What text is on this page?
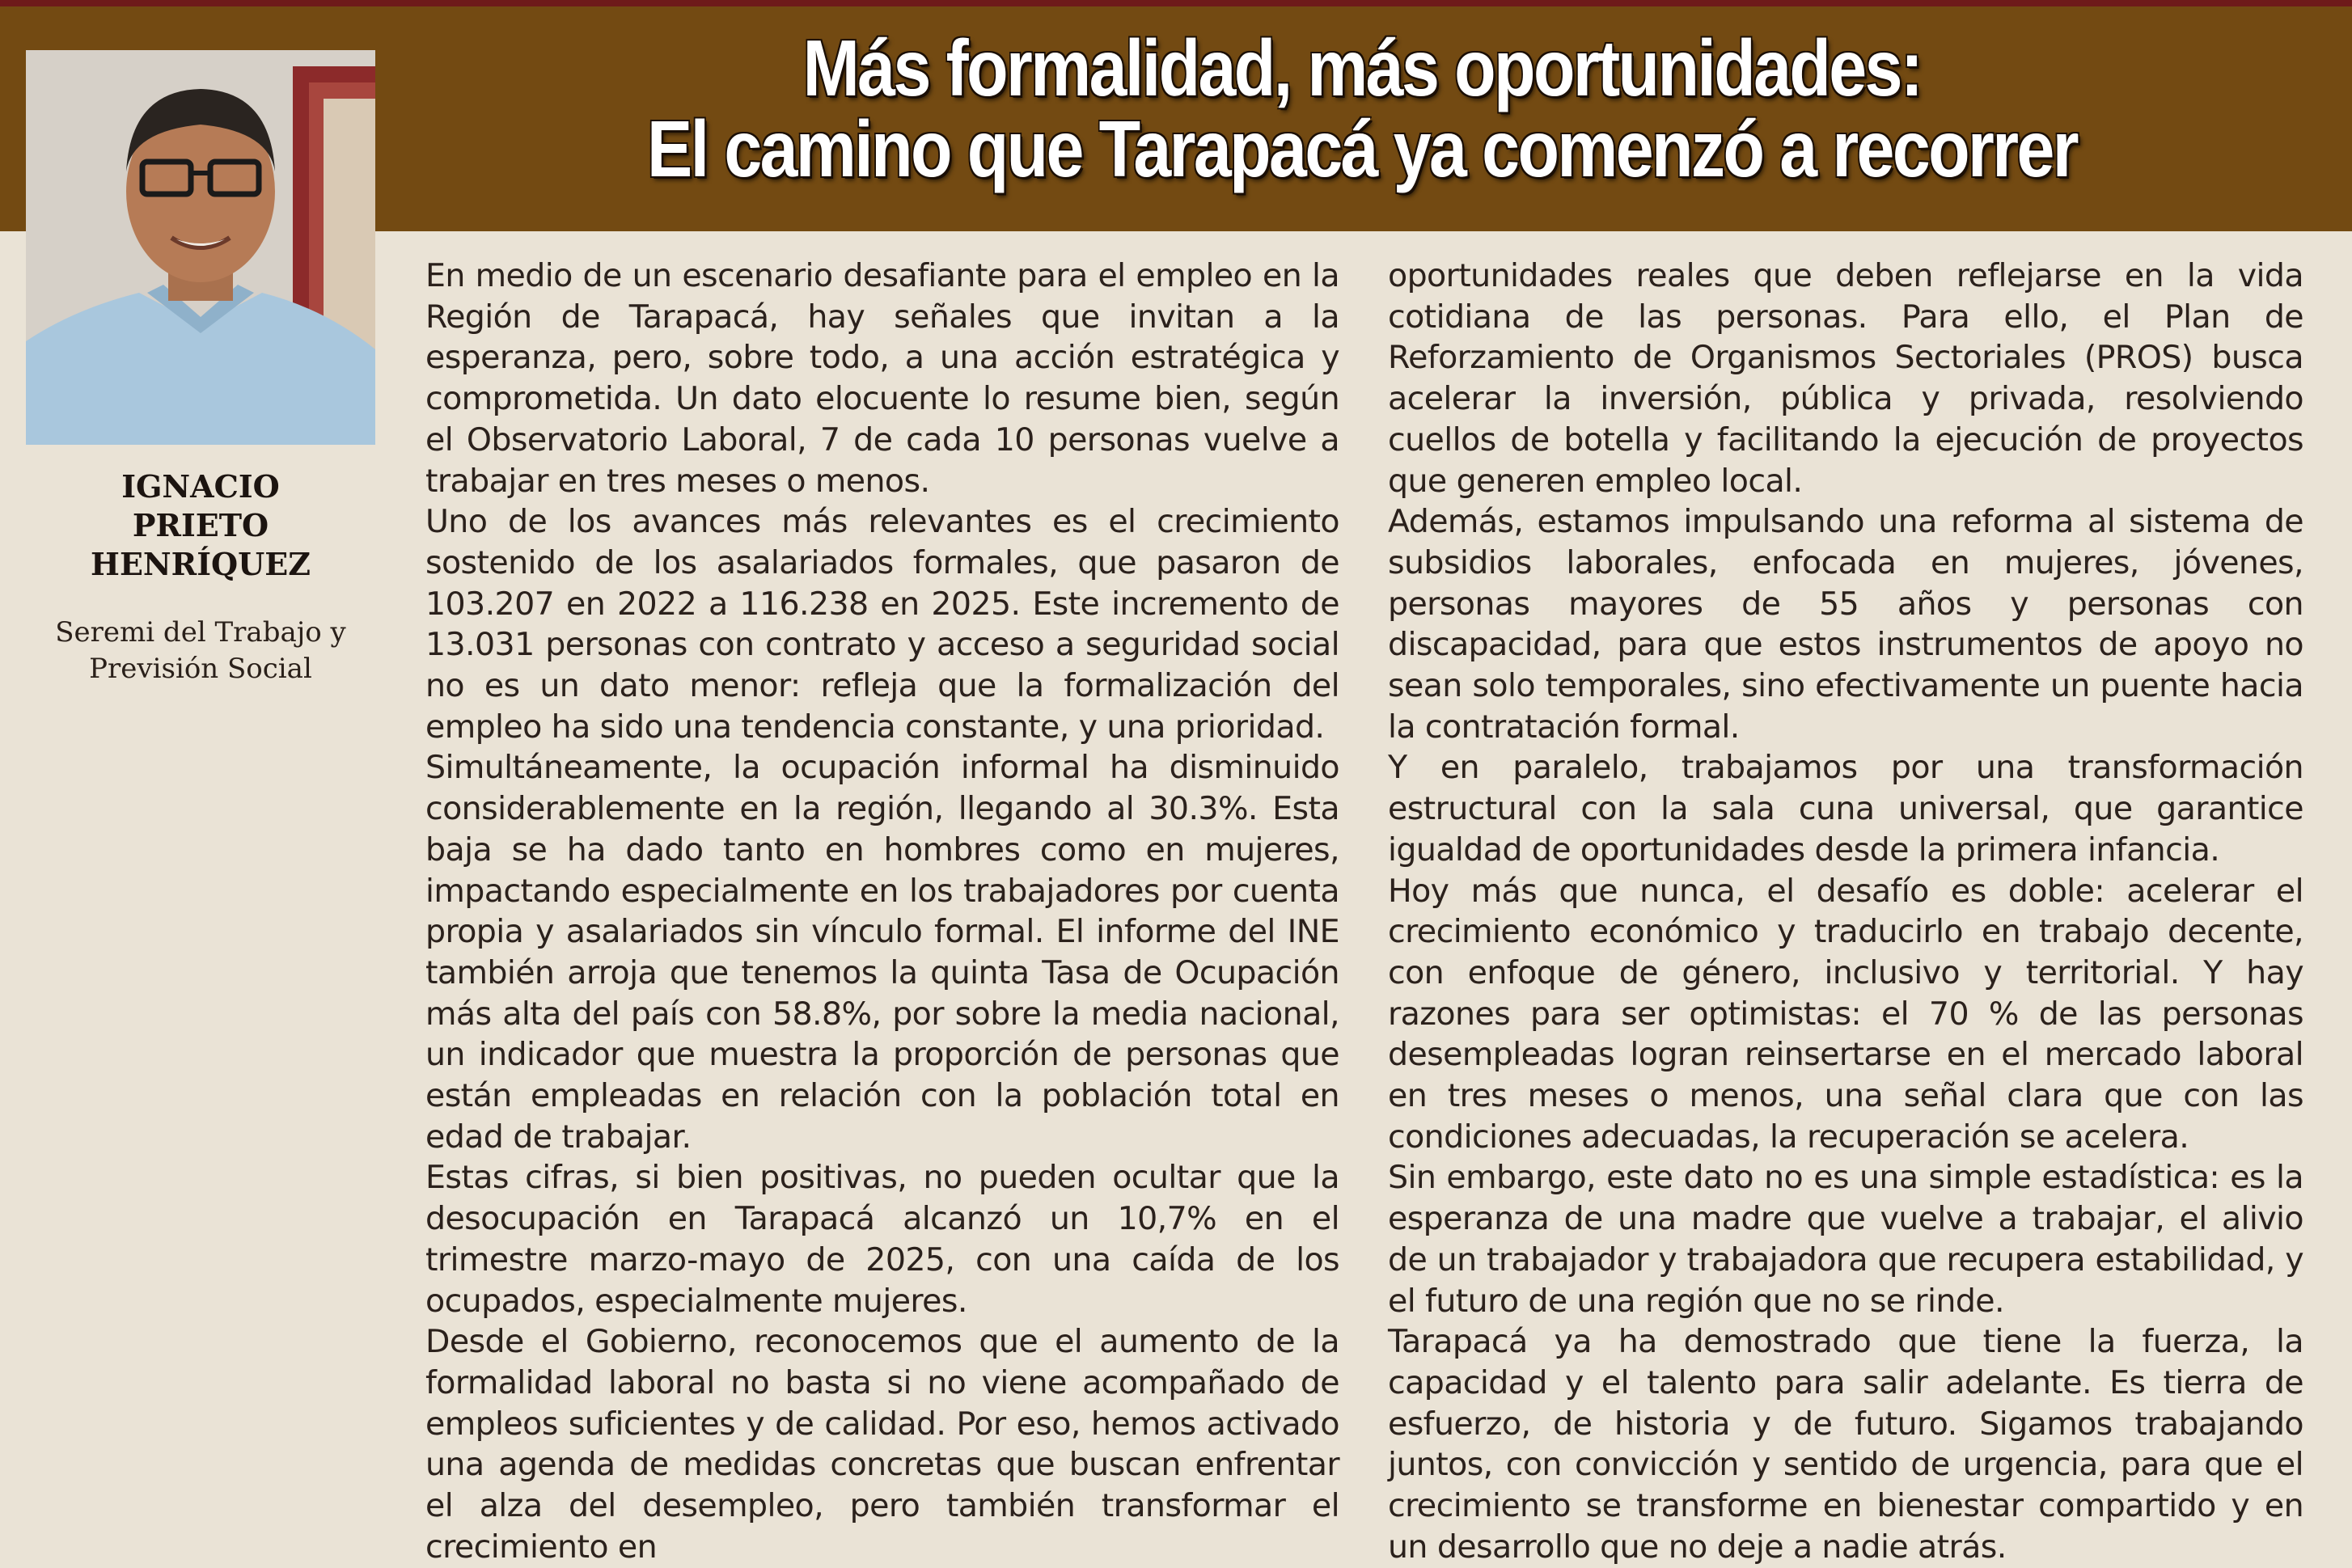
Más formalidad, más oportunidades:
El camino que Tarapacá ya comenzó a recorrer
IGNACIO PRIETO HENRÍQUEZ
Seremi del Trabajo y Previsión Social

En medio de un escenario desafiante para el empleo en la Región de Tarapacá, hay señales que invitan a la esperanza, pero, sobre todo, a una acción estratégica y comprometida. Un dato elocuente lo resume bien, según el Observatorio Laboral, 7 de cada 10 personas vuelve a trabajar en tres meses o menos.

Uno de los avances más relevantes es el crecimiento sostenido de los asalariados formales, que pasaron de 103.207 en 2022 a 116.238 en 2025. Este incremento de 13.031 personas con contrato y acceso a seguridad social no es un dato menor: refleja que la formalización del empleo ha sido una tendencia constante, y una prioridad.

Simultáneamente, la ocupación informal ha disminuido considerablemente en la región, llegando al 30.3%. Esta baja se ha dado tanto en hombres como en mujeres, impactando especialmente en los trabajadores por cuenta propia y asalariados sin vínculo formal. El informe del INE también arroja que tenemos la quinta Tasa de Ocupación más alta del país con 58.8%, por sobre la media nacional, un indicador que muestra la proporción de personas que están empleadas en relación con la población total en edad de trabajar.

Estas cifras, si bien positivas, no pueden ocultar que la desocupación en Tarapacá alcanzó un 10,7% en el trimestre marzo-mayo de 2025, con una caída de los ocupados, especialmente mujeres.

Desde el Gobierno, reconocemos que el aumento de la formalidad laboral no basta si no viene acompañado de empleos suficientes y de calidad. Por eso, hemos activado una agenda de medidas concretas que buscan enfrentar el alza del desempleo, pero también transformar el crecimiento en

oportunidades reales que deben reflejarse en la vida cotidiana de las personas. Para ello, el Plan de Reforzamiento de Organismos Sectoriales (PROS) busca acelerar la inversión, pública y privada, resolviendo cuellos de botella y facilitando la ejecución de proyectos que generen empleo local.

Además, estamos impulsando una reforma al sistema de subsidios laborales, enfocada en mujeres, jóvenes, personas mayores de 55 años y personas con discapacidad, para que estos instrumentos de apoyo no sean solo temporales, sino efectivamente un puente hacia la contratación formal.

Y en paralelo, trabajamos por una transformación estructural con la sala cuna universal, que garantice igualdad de oportunidades desde la primera infancia.

Hoy más que nunca, el desafío es doble: acelerar el crecimiento económico y traducirlo en trabajo decente, con enfoque de género, inclusivo y territorial. Y hay razones para ser optimistas: el 70 % de las personas desempleadas logran reinsertarse en el mercado laboral en tres meses o menos, una señal clara que con las condiciones adecuadas, la recuperación se acelera.

Sin embargo, este dato no es una simple estadística: es la esperanza de una madre que vuelve a trabajar, el alivio de un trabajador y trabajadora que recupera estabilidad, y el futuro de una región que no se rinde.

Tarapacá ya ha demostrado que tiene la fuerza, la capacidad y el talento para salir adelante. Es tierra de esfuerzo, de historia y de futuro. Sigamos trabajando juntos, con convicción y sentido de urgencia, para que el crecimiento se transforme en bienestar compartido y en un desarrollo que no deje a nadie atrás.
